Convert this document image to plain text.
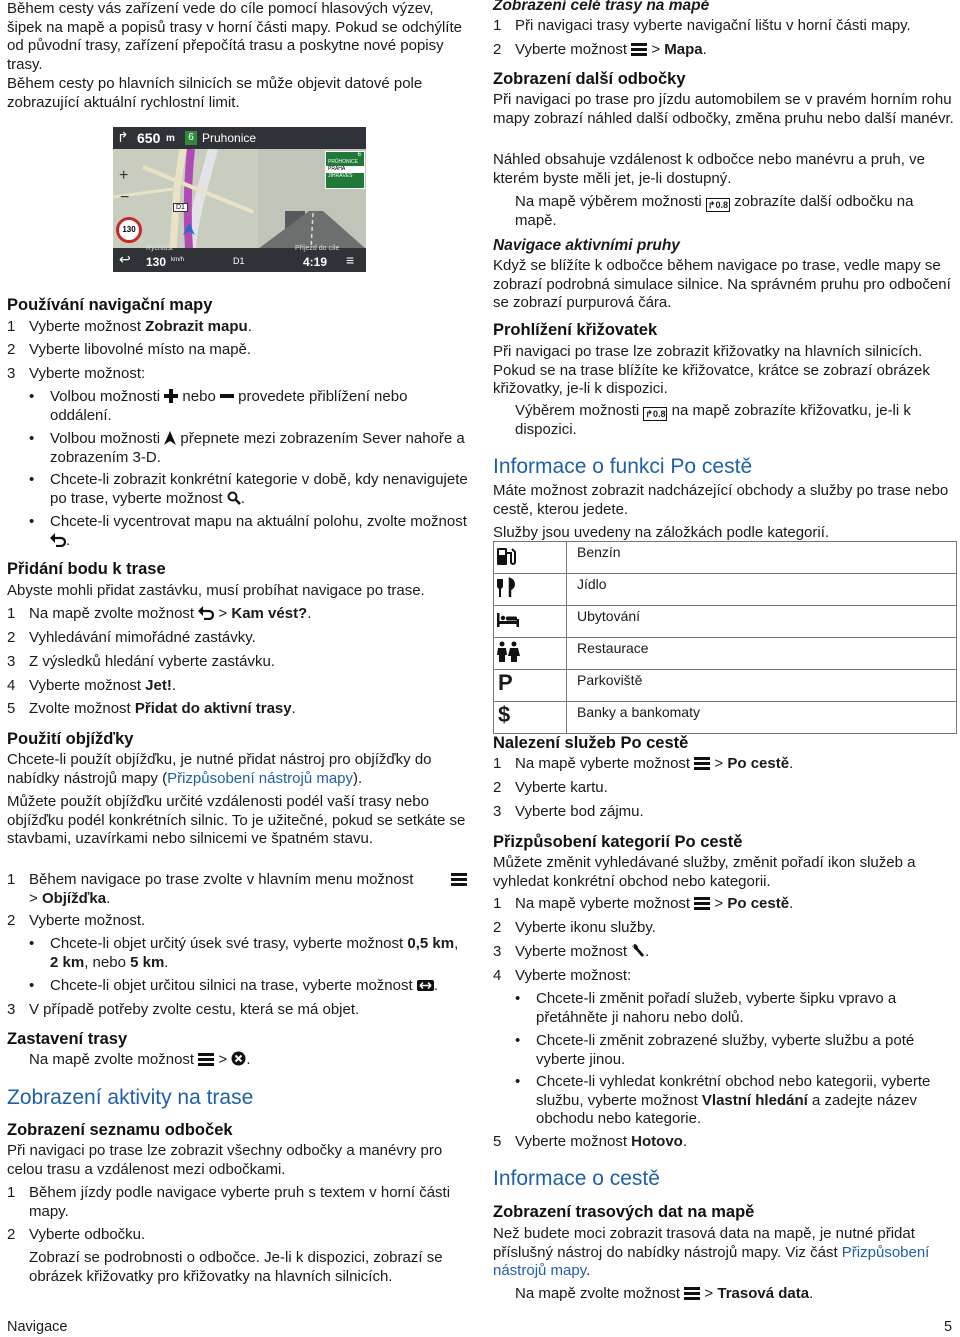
Během cesty vás zařízení vede do cíle pomocí hlasových výzev, šipek na mapě a popisů trasy v horní části mapy. Pokud se odchýlíte od původní trasy, zařízení přepočítá trasu a poskytne nové popisy trasy.

Během cesty po hlavních silnicích se může objevit datové pole zobrazující aktuální rychlostní limit.

↱ 650 m	6 Pruhonice
6
PRŮHONICE
PRAHA
JIHRÁVES
+
−
130
D1
↩
Rychlost
130 km/h	D1
Příjezd do cíle
4:19 ≡
Používání navigační mapy
1 Vyberte možnost Zobrazit mapu.

2 Vyberte libovolné místo na mapě.

3 Vyberte možnost:

• Volbou možnosti nebo provedete přiblížení nebo oddálení.

• Volbou možnosti přepnete mezi zobrazením Sever nahoře a zobrazením 3-D.

• Chcete-li zobrazit konkrétní kategorie v době, kdy nenavigujete po trase, vyberte možnost .

• Chcete-li vycentrovat mapu na aktuální polohu, zvolte možnost .

Přidání bodu k trase

Abyste mohli přidat zastávku, musí probíhat navigace po trase.

1 Na mapě zvolte možnost  > Kam vést?.

2 Vyhledávání mimořádné zastávky.

3 Z výsledků hledání vyberte zastávku.

4 Vyberte možnost Jet!.

5 Zvolte možnost Přidat do aktivní trasy.

Použití objížďky

Chcete-li použít objížďku, je nutné přidat nástroj pro objížďky do nabídky nástrojů mapy (Přizpůsobení nástrojů mapy).

Můžete použít objížďku určité vzdálenosti podél vaší trasy nebo objížďku podél konkrétních silnic. To je užitečné, pokud se setkáte se stavbami, uzavírkami nebo silnicemi ve špatném stavu.

1 Během navigace po trase zvolte v hlavním menu možnost

> Objížďka.

2 Vyberte možnost.

• Chcete-li objet určitý úsek své trasy, vyberte možnost 0,5 km, 2 km, nebo 5 km.

• Chcete-li objet určitou silnici na trase, vyberte možnost .

3 V případě potřeby zvolte cestu, která se má objet.

Zastavení trasy

Na mapě zvolte možnost  > .

Zobrazení aktivity na trase
Zobrazení seznamu odboček

Při navigaci po trase lze zobrazit všechny odbočky a manévry pro celou trasu a vzdálenost mezi odbočkami.

1 Během jízdy podle navigace vyberte pruh s textem v horní části mapy.

2 Vyberte odbočku.

Zobrazí se podrobnosti o odbočce. Je-li k dispozici, zobrazí se obrázek křižovatky pro křižovatky na hlavních silnicích.

Zobrazení celé trasy na mapě
1 Při navigaci trasy vyberte navigační lištu v horní části mapy.

2 Vyberte možnost  > Mapa.

Zobrazení další odbočky

Při navigaci po trase pro jízdu automobilem se v pravém horním rohu mapy zobrazí náhled další odbočky, změna pruhu nebo další manévr.

Náhled obsahuje vzdálenost k odbočce nebo manévru a pruh, ve kterém byste měli jet, je-li dostupný.

Na mapě výběrem možnosti ↱0.8 zobrazíte další odbočku na mapě.

Navigace aktivními pruhy

Když se blížíte k odbočce během navigace po trase, vedle mapy se zobrazí podrobná simulace silnice. Na správném pruhu pro odbočení se zobrazí purpurová čára.

Prohlížení křižovatek

Při navigaci po trase lze zobrazit křižovatky na hlavních silnicích. Pokud se na trase blížíte ke křižovatce, krátce se zobrazí obrázek křižovatky, je-li k dispozici.

Výběrem možnosti ↱0.8 na mapě zobrazíte křižovatku, je-li k dispozici.

Informace o funkci Po cestě

Máte možnost zobrazit nadcházející obchody a služby po trase nebo cestě, kterou jedete.

Služby jsou uvedeny na záložkách podle kategorií.

	Benzín
	Jídlo
	Ubytování
	Restaurace
P	Parkoviště
$	Banky a bankomaty
Nalezení služeb Po cestě
1 Na mapě vyberte možnost  > Po cestě.

2 Vyberte kartu.

3 Vyberte bod zájmu.

Přizpůsobení kategorií Po cestě

Můžete změnit vyhledávané služby, změnit pořadí ikon služeb a vyhledat konkrétní obchod nebo kategorii.

1 Na mapě vyberte možnost  > Po cestě.

2 Vyberte ikonu služby.

3 Vyberte možnost .

4 Vyberte možnost:

• Chcete-li změnit pořadí služeb, vyberte šipku vpravo a přetáhněte ji nahoru nebo dolů.

• Chcete-li změnit zobrazené služby, vyberte službu a poté vyberte jinou.

• Chcete-li vyhledat konkrétní obchod nebo kategorii, vyberte službu, vyberte možnost Vlastní hledání a zadejte název obchodu nebo kategorie.

5 Vyberte možnost Hotovo.

Informace o cestě
Zobrazení trasových dat na mapě

Než budete moci zobrazit trasová data na mapě, je nutné přidat příslušný nástroj do nabídky nástrojů mapy. Viz část Přizpůsobení nástrojů mapy.

Na mapě zvolte možnost  > Trasová data.

Navigace	5
